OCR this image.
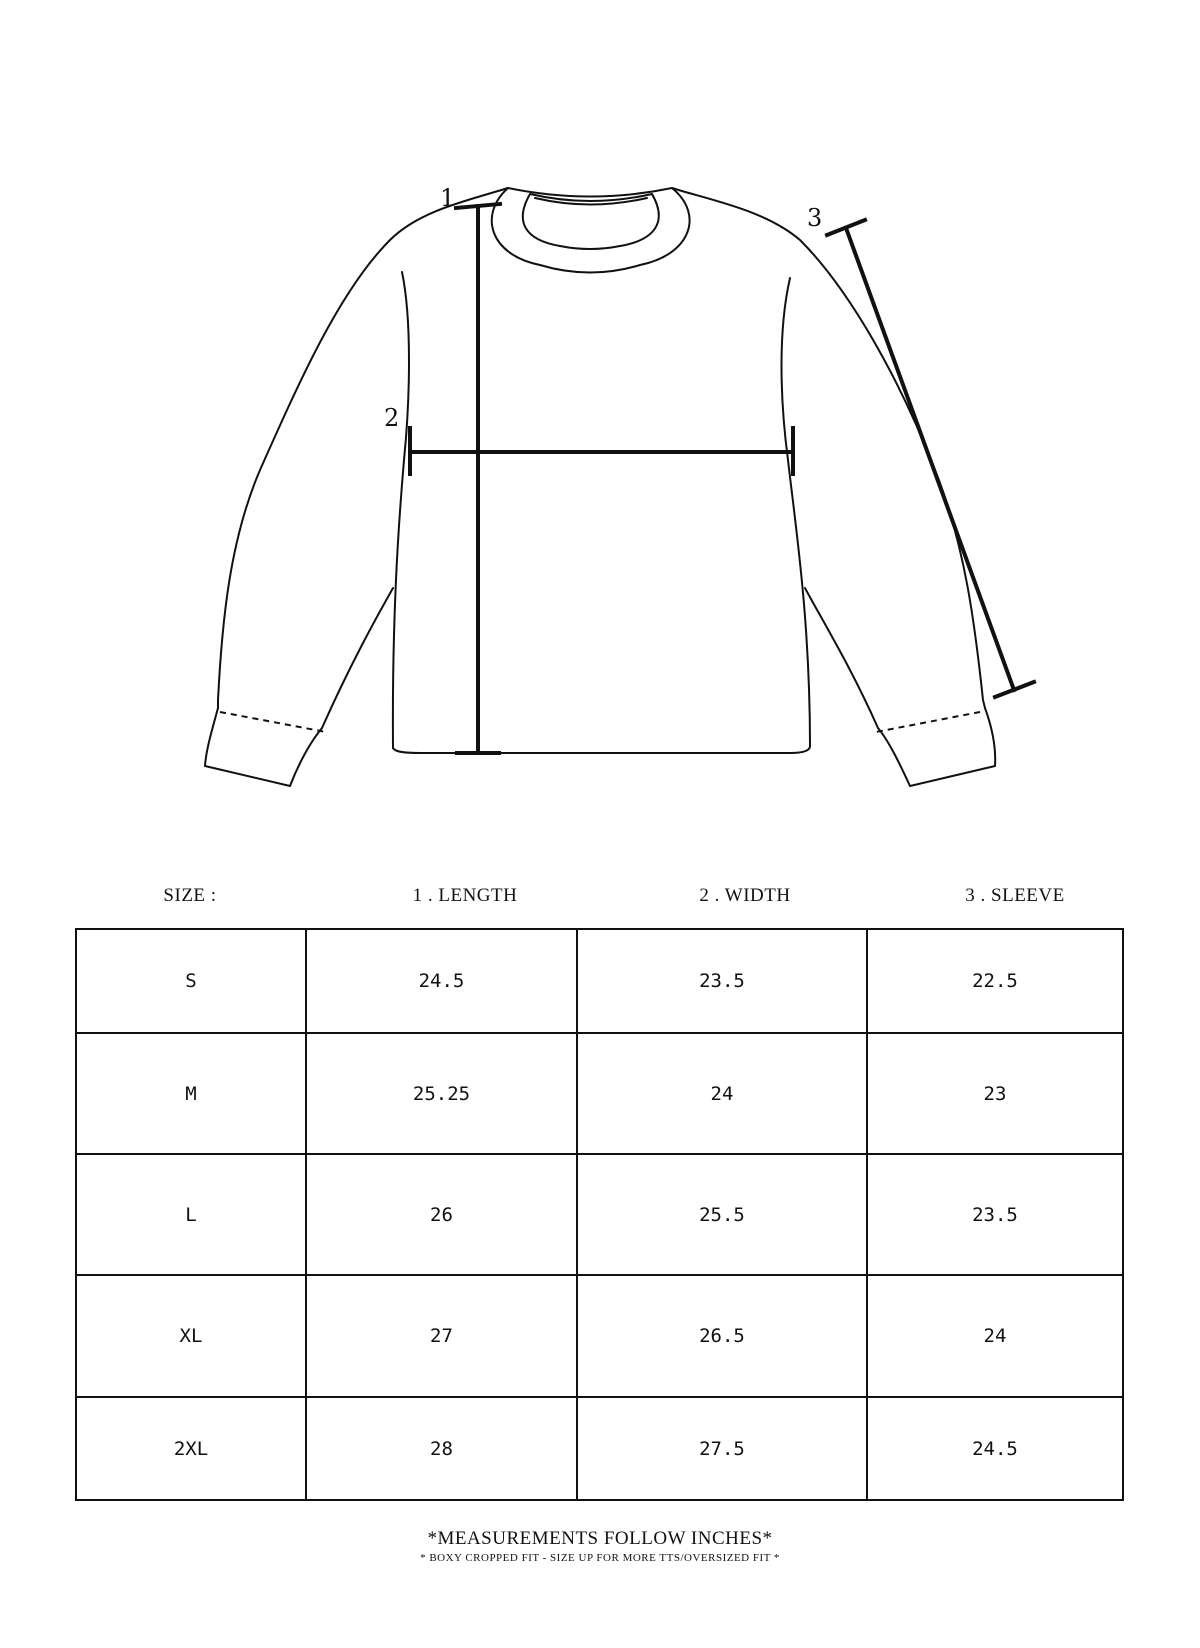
1
2
3
SIZE :	1 . LENGTH	2 . WIDTH	3 . SLEEVE
S	24.5	23.5	22.5
M	25.25	24	23
L	26	25.5	23.5
XL	27	26.5	24
2XL	28	27.5	24.5
*MEASUREMENTS FOLLOW INCHES*
* BOXY CROPPED FIT - SIZE UP FOR MORE TTS/OVERSIZED FIT *
